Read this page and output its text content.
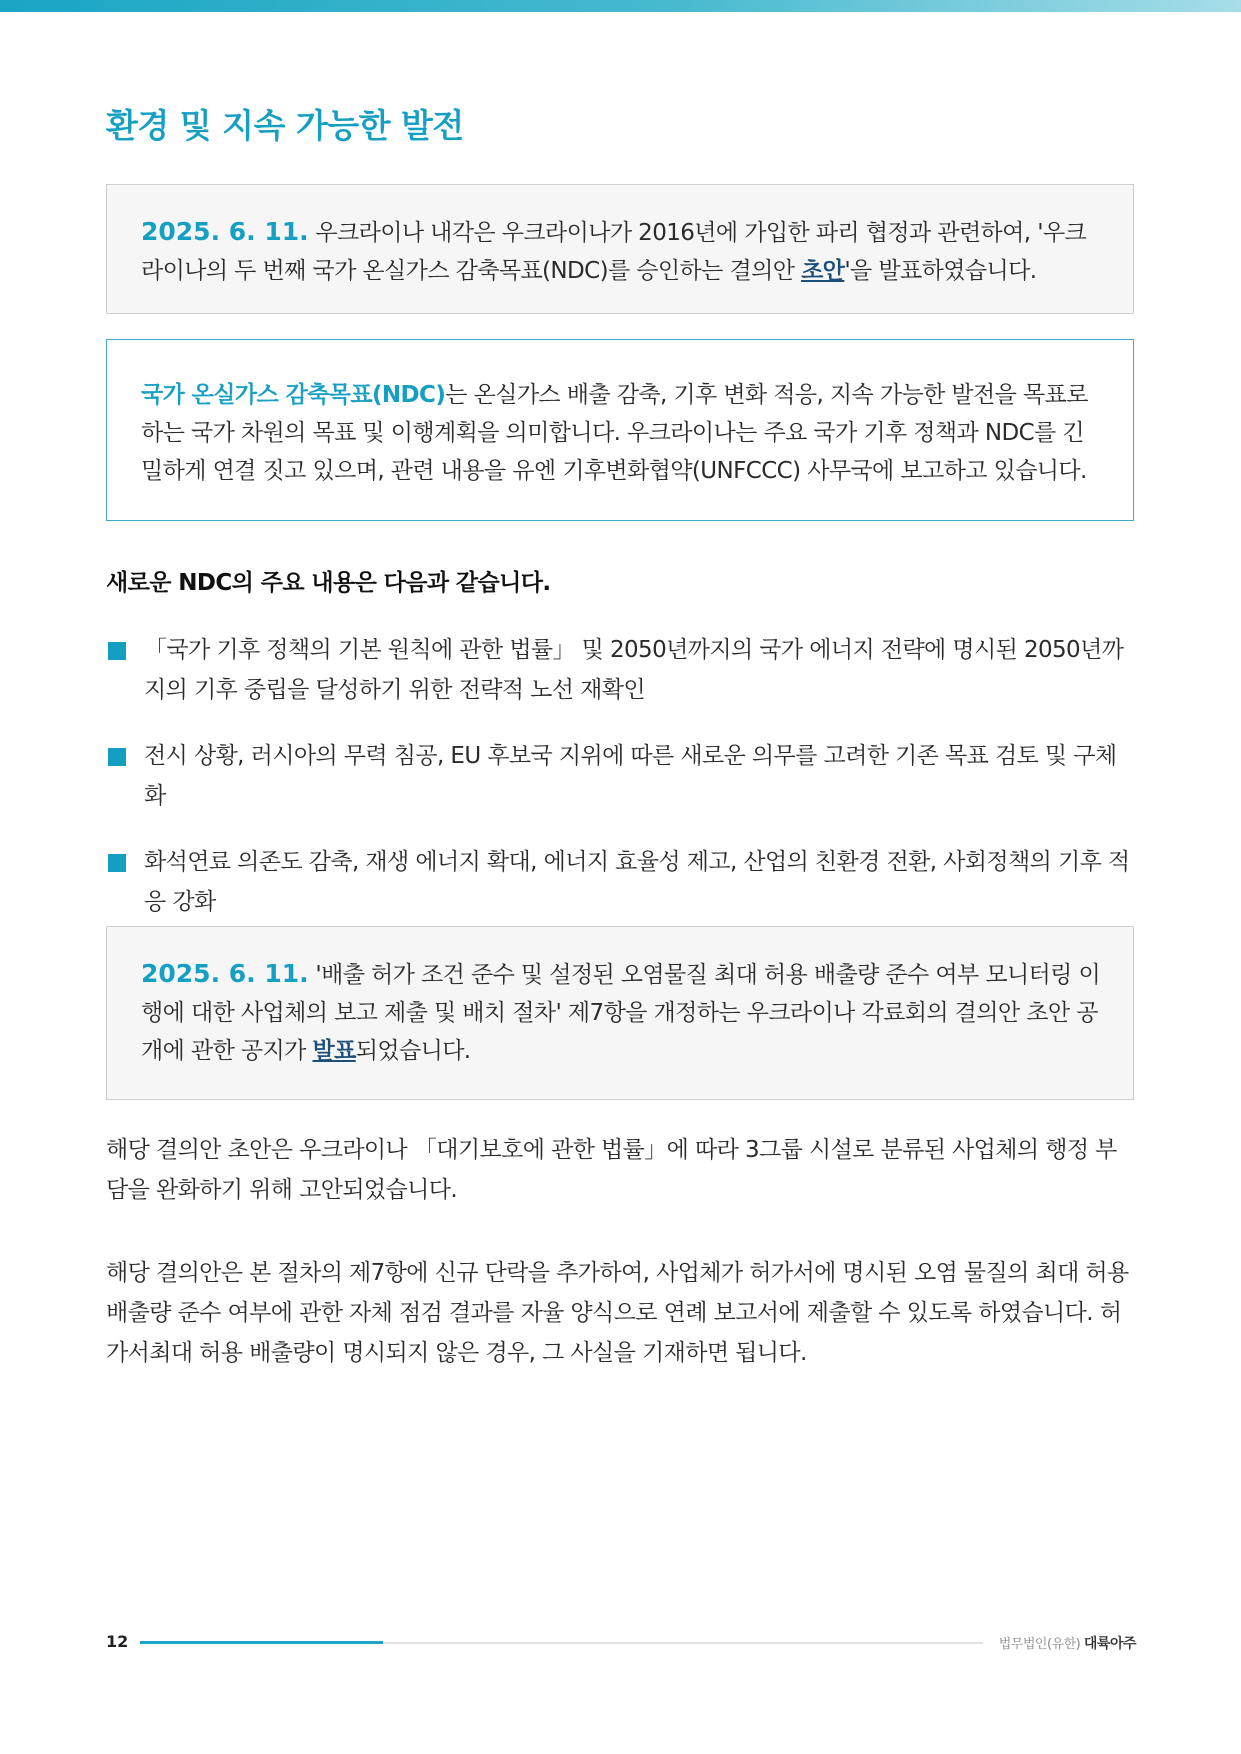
환경 및 지속 가능한 발전
2025. 6. 11. 우크라이나 내각은 우크라이나가 2016년에 가입한 파리 협정과 관련하여, '우크라이나의 두 번째 국가 온실가스 감축목표(NDC)를 승인하는 결의안 초안'을 발표하였습니다.
국가 온실가스 감축목표(NDC)는 온실가스 배출 감축, 기후 변화 적응, 지속 가능한 발전을 목표로 하는 국가 차원의 목표 및 이행계획을 의미합니다. 우크라이나는 주요 국가 기후 정책과 NDC를 긴밀하게 연결 짓고 있으며, 관련 내용을 유엔 기후변화협약(UNFCCC) 사무국에 보고하고 있습니다.
새로운 NDC의 주요 내용은 다음과 같습니다.
「국가 기후 정책의 기본 원칙에 관한 법률」 및 2050년까지의 국가 에너지 전략에 명시된 2050년까지의 기후 중립을 달성하기 위한 전략적 노선 재확인
전시 상황, 러시아의 무력 침공, EU 후보국 지위에 따른 새로운 의무를 고려한 기존 목표 검토 및 구체화
화석연료 의존도 감축, 재생 에너지 확대, 에너지 효율성 제고, 산업의 친환경 전환, 사회정책의 기후 적응 강화
2025. 6. 11. '배출 허가 조건 준수 및 설정된 오염물질 최대 허용 배출량 준수 여부 모니터링 이행에 대한 사업체의 보고 제출 및 배치 절차' 제7항을 개정하는 우크라이나 각료회의 결의안 초안 공개에 관한 공지가 발표되었습니다.

해당 결의안 초안은 우크라이나 「대기보호에 관한 법률」에 따라 3그룹 시설로 분류된 사업체의 행정 부담을 완화하기 위해 고안되었습니다.

해당 결의안은 본 절차의 제7항에 신규 단락을 추가하여, 사업체가 허가서에 명시된 오염 물질의 최대 허용 배출량 준수 여부에 관한 자체 점검 결과를 자율 양식으로 연례 보고서에 제출할 수 있도록 하였습니다. 허가서최대 허용 배출량이 명시되지 않은 경우, 그 사실을 기재하면 됩니다.

12	법무법인(유한) 대륙아주
